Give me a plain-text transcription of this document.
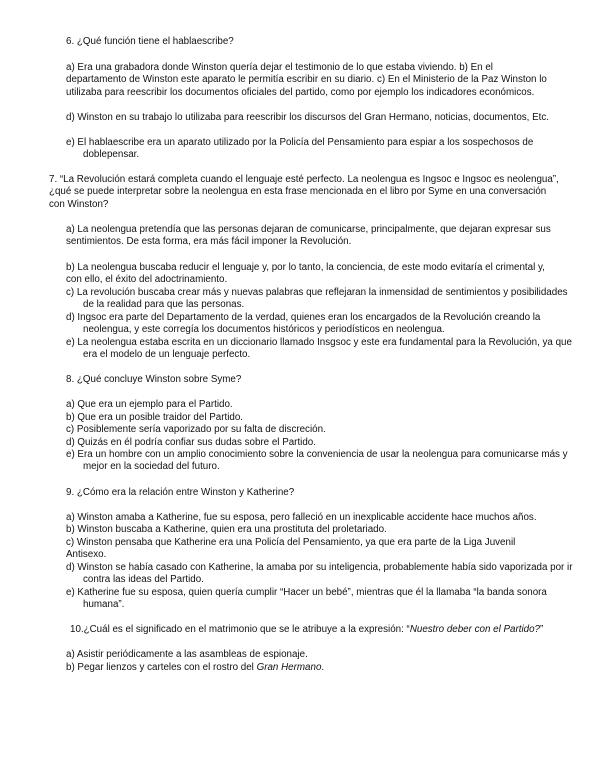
6. ¿Qué función tiene el hablaescribe?

a) Era una grabadora donde Winston quería dejar el testimonio de lo que estaba viviendo. b) En el departamento de Winston este aparato le permitía escribir en su diario. c) En el Ministerio de la Paz Winston lo utilizaba para reescribir los documentos oficiales del partido, como por ejemplo los indicadores económicos.

d) Winston en su trabajo lo utilizaba para reescribir los discursos del Gran Hermano, noticias, documentos, Etc.

e) El hablaescribe era un aparato utilizado por la Policía del Pensamiento para espiar a los sospechosos de doblepensar.

7. “La Revolución estará completa cuando el lenguaje esté perfecto. La neolengua es Ingsoc e Ingsoc es neolengua”, ¿qué se puede interpretar sobre la neolengua en esta frase mencionada en el libro por Syme en una conversación con Winston?

a) La neolengua pretendía que las personas dejaran de comunicarse, principalmente, que dejaran expresar sus sentimientos. De esta forma, era más fácil imponer la Revolución.

b) La neolengua buscaba reducir el lenguaje y, por lo tanto, la conciencia, de este modo evitaría el crimental y, con ello, el éxito del adoctrinamiento.

c) La revolución buscaba crear más y nuevas palabras que reflejaran la inmensidad de sentimientos y posibilidades de la realidad para que las personas.

d) Ingsoc era parte del Departamento de la verdad, quienes eran los encargados de la Revolución creando la neolengua, y este corregía los documentos históricos y periodísticos en neolengua.

e) La neolengua estaba escrita en un diccionario llamado Insgsoc y este era fundamental para la Revolución, ya que era el modelo de un lenguaje perfecto.

8. ¿Qué concluye Winston sobre Syme?

a) Que era un ejemplo para el Partido.

b) Que era un posible traidor del Partido.

c) Posiblemente sería vaporizado por su falta de discreción.

d) Quizás en él podría confiar sus dudas sobre el Partido.

e) Era un hombre con un amplio conocimiento sobre la conveniencia de usar la neolengua para comunicarse más y mejor en la sociedad del futuro.

9. ¿Cómo era la relación entre Winston y Katherine?

a) Winston amaba a Katherine, fue su esposa, pero falleció en un inexplicable accidente hace muchos años.

b) Winston buscaba a Katherine, quien era una prostituta del proletariado.

c) Winston pensaba que Katherine era una Policía del Pensamiento, ya que era parte de la Liga Juvenil Antisexo.

d) Winston se había casado con Katherine, la amaba por su inteligencia, probablemente había sido vaporizada por ir contra las ideas del Partido.

e) Katherine fue su esposa, quien quería cumplir “Hacer un bebé”, mientras que él la llamaba “la banda sonora humana”.

10.¿Cuál es el significado en el matrimonio que se le atribuye a la expresión: “Nuestro deber con el Partido?”

a) Asistir periódicamente a las asambleas de espionaje.

b) Pegar lienzos y carteles con el rostro del Gran Hermano.
